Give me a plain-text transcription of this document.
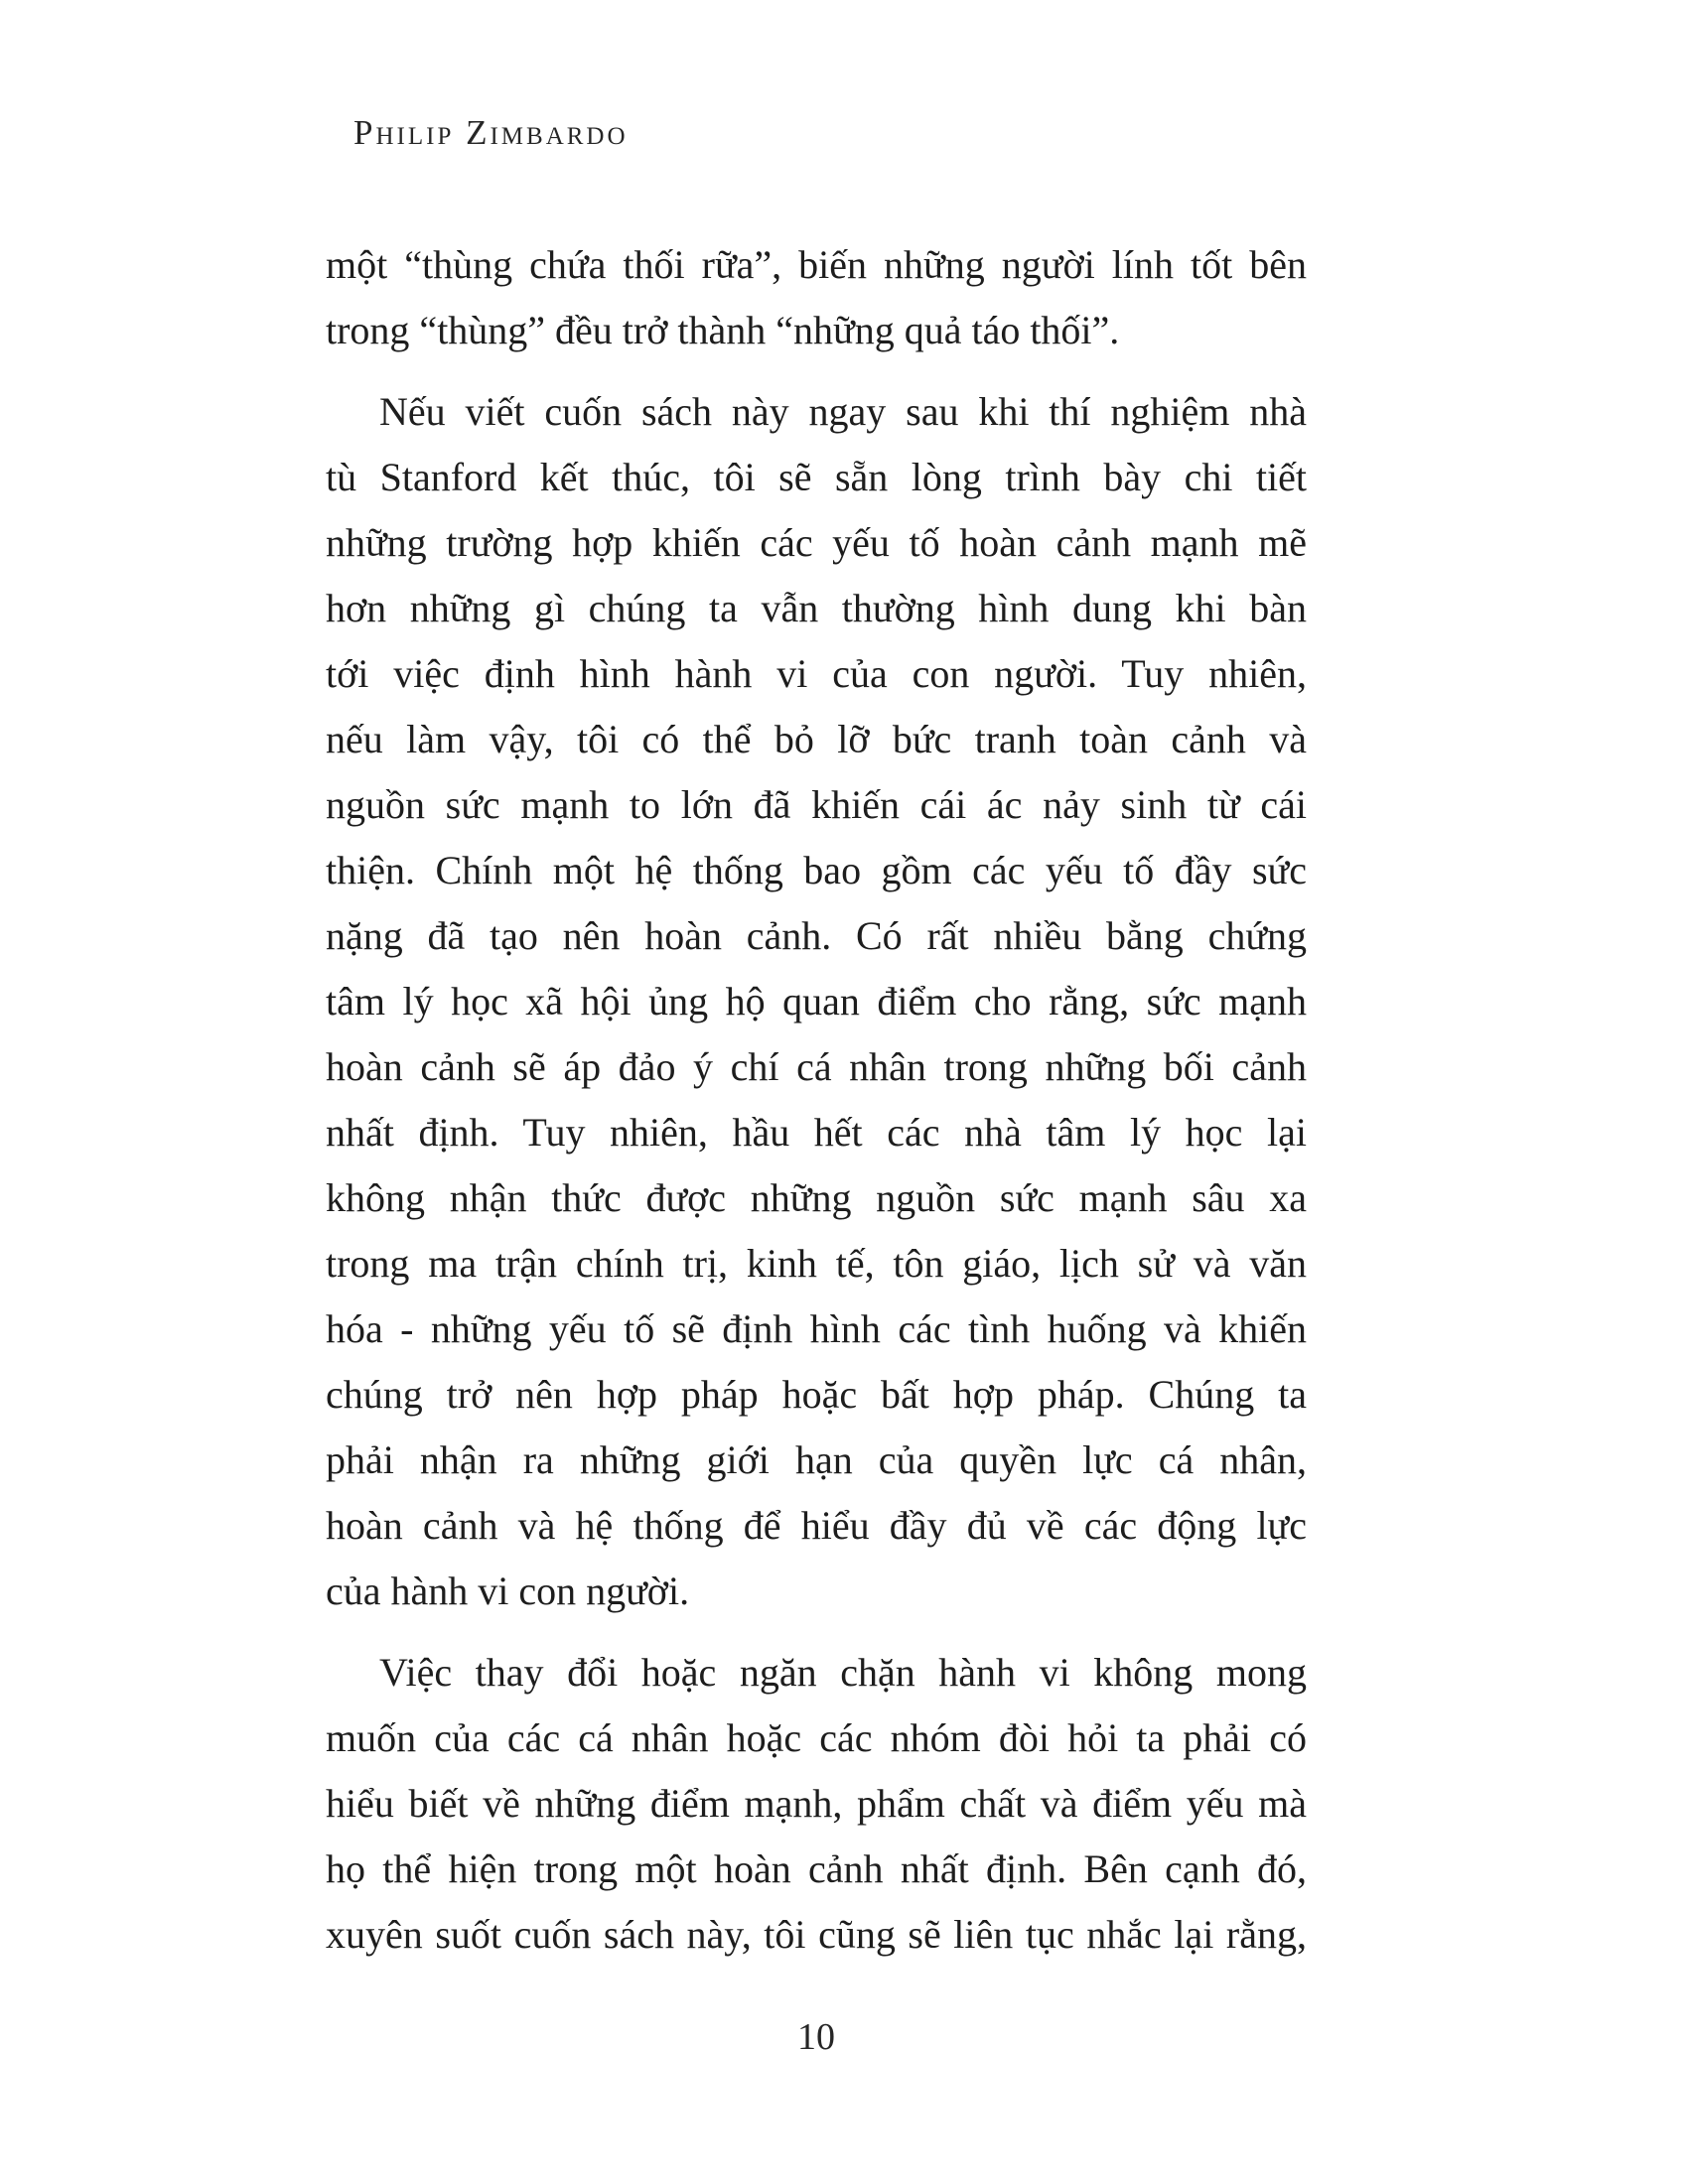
Philip Zimbardo
một “thùng chứa thối rữa”, biến những người lính tốt bên
trong “thùng” đều trở thành “những quả táo thối”.
Nếu viết cuốn sách này ngay sau khi thí nghiệm nhà
tù Stanford kết thúc, tôi sẽ sẵn lòng trình bày chi tiết
những trường hợp khiến các yếu tố hoàn cảnh mạnh mẽ
hơn những gì chúng ta vẫn thường hình dung khi bàn
tới việc định hình hành vi của con người. Tuy nhiên,
nếu làm vậy, tôi có thể bỏ lỡ bức tranh toàn cảnh và
nguồn sức mạnh to lớn đã khiến cái ác nảy sinh từ cái
thiện. Chính một hệ thống bao gồm các yếu tố đầy sức
nặng đã tạo nên hoàn cảnh. Có rất nhiều bằng chứng
tâm lý học xã hội ủng hộ quan điểm cho rằng, sức mạnh
hoàn cảnh sẽ áp đảo ý chí cá nhân trong những bối cảnh
nhất định. Tuy nhiên, hầu hết các nhà tâm lý học lại
không nhận thức được những nguồn sức mạnh sâu xa
trong ma trận chính trị, kinh tế, tôn giáo, lịch sử và văn
hóa - những yếu tố sẽ định hình các tình huống và khiến
chúng trở nên hợp pháp hoặc bất hợp pháp. Chúng ta
phải nhận ra những giới hạn của quyền lực cá nhân,
hoàn cảnh và hệ thống để hiểu đầy đủ về các động lực
của hành vi con người.
Việc thay đổi hoặc ngăn chặn hành vi không mong
muốn của các cá nhân hoặc các nhóm đòi hỏi ta phải có
hiểu biết về những điểm mạnh, phẩm chất và điểm yếu mà
họ thể hiện trong một hoàn cảnh nhất định. Bên cạnh đó,
xuyên suốt cuốn sách này, tôi cũng sẽ liên tục nhắc lại rằng,
10
